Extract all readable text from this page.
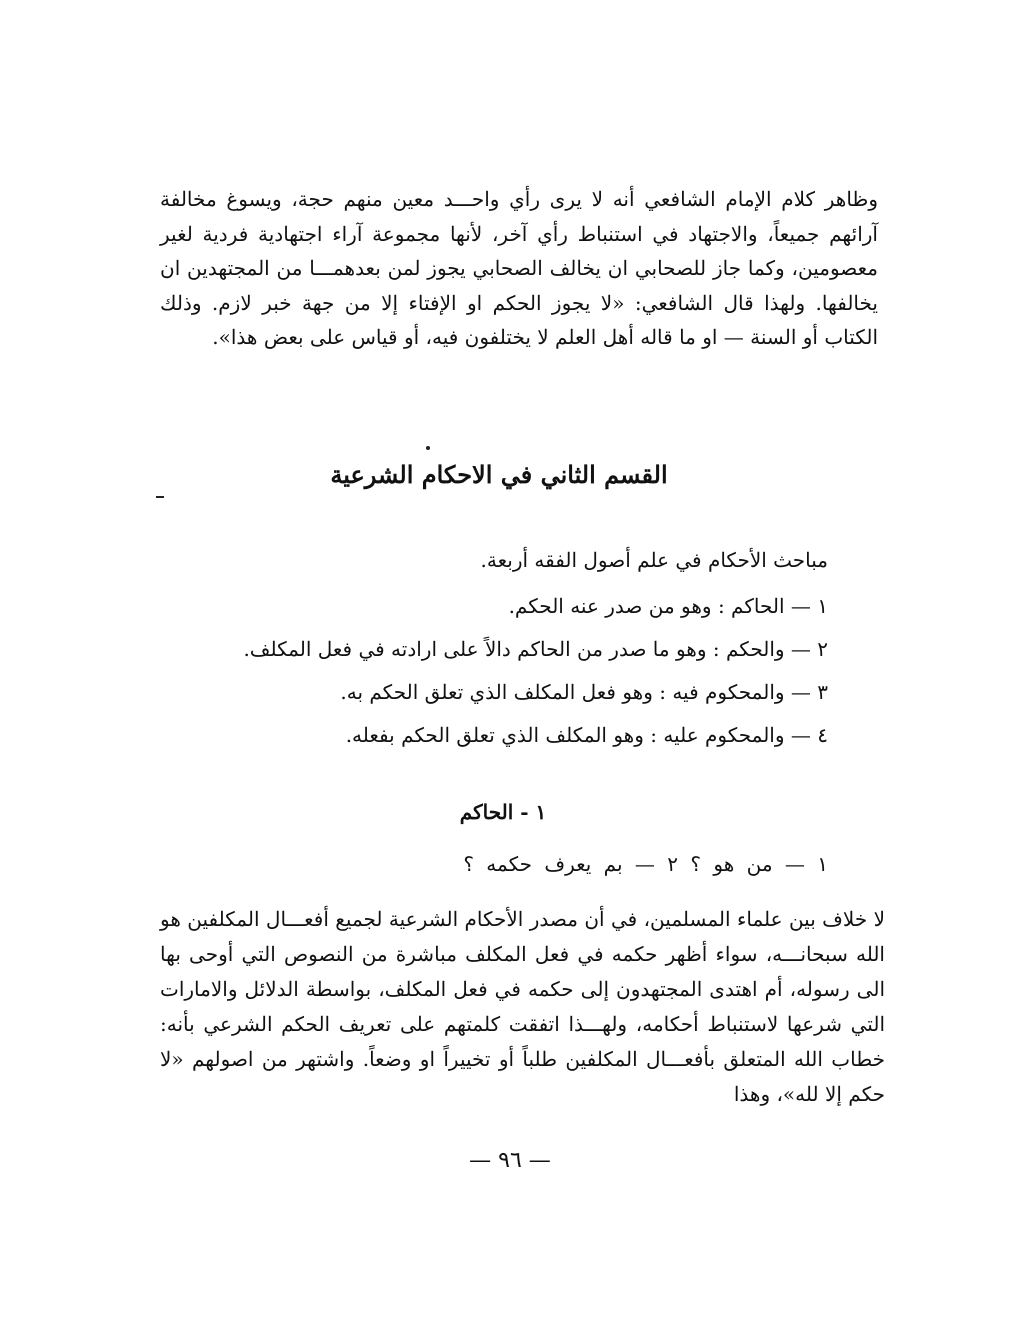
وظاهر كلام الإمام الشافعي أنه لا يرى رأي واحـــد معين منهم حجة، ويسوغ مخالفة آرائهم جميعاً، والاجتهاد في استنباط رأي آخر، لأنها مجموعة آراء اجتهادية فردية لغير معصومين، وكما جاز للصحابي ان يخالف الصحابي يجوز لمن بعدهمـــا من المجتهدين ان يخالفها. ولهذا قال الشافعي: «لا يجوز الحكم او الإفتاء إلا من جهة خبر لازم. وذلك الكتاب أو السنة — او ما قاله أهل العلم لا يختلفون فيه، أو قياس على بعض هذا».
القسم الثاني في الاحكام الشرعية
مباحث الأحكام في علم أصول الفقه أربعة.
١ — الحاكم : وهو من صدر عنه الحكم.
٢ — والحكم : وهو ما صدر من الحاكم دالاً على ارادته في فعل المكلف.
٣ — والمحكوم فيه : وهو فعل المكلف الذي تعلق الحكم به.
٤ — والمحكوم عليه : وهو المكلف الذي تعلق الحكم بفعله.
١ - الحاكم
١ — من هو ؟ ٢ — بم يعرف حكمه ؟
لا خلاف بين علماء المسلمين، في أن مصدر الأحكام الشرعية لجميع أفعـــال المكلفين هو الله سبحانـــه، سواء أظهر حكمه في فعل المكلف مباشرة من النصوص التي أوحى بها الى رسوله، أم اهتدى المجتهدون إلى حكمه في فعل المكلف، بواسطة الدلائل والامارات التي شرعها لاستنباط أحكامه، ولهـــذا اتفقت كلمتهم على تعريف الحكم الشرعي بأنه: خطاب الله المتعلق بأفعـــال المكلفين طلباً أو تخييراً او وضعاً. واشتهر من اصولهم «لا حكم إلا لله»، وهذا
— ٩٦ —
